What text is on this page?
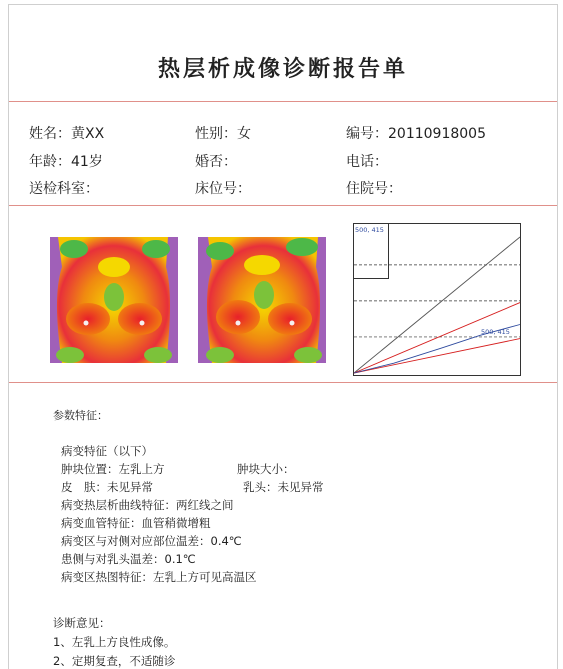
热层析成像诊断报告单
姓名：黄XX	性别：女	编号：20110918005
年龄：41岁	婚否：	电话：
送检科室：	床位号：	住院号：
500, 415
500, 415
参数特征：
病变特征（以下）
肿块位置：左乳上方	肿块大小：
皮　肤：未见异常	乳头：未见异常
病变热层析曲线特征：两红线之间
病变血管特征：血管稍微增粗
病变区与对侧对应部位温差：0.4℃
患侧与对乳头温差：0.1℃
病变区热图特征：左乳上方可见高温区
诊断意见：
1、左乳上方良性成像。
2、定期复查，不适随诊
